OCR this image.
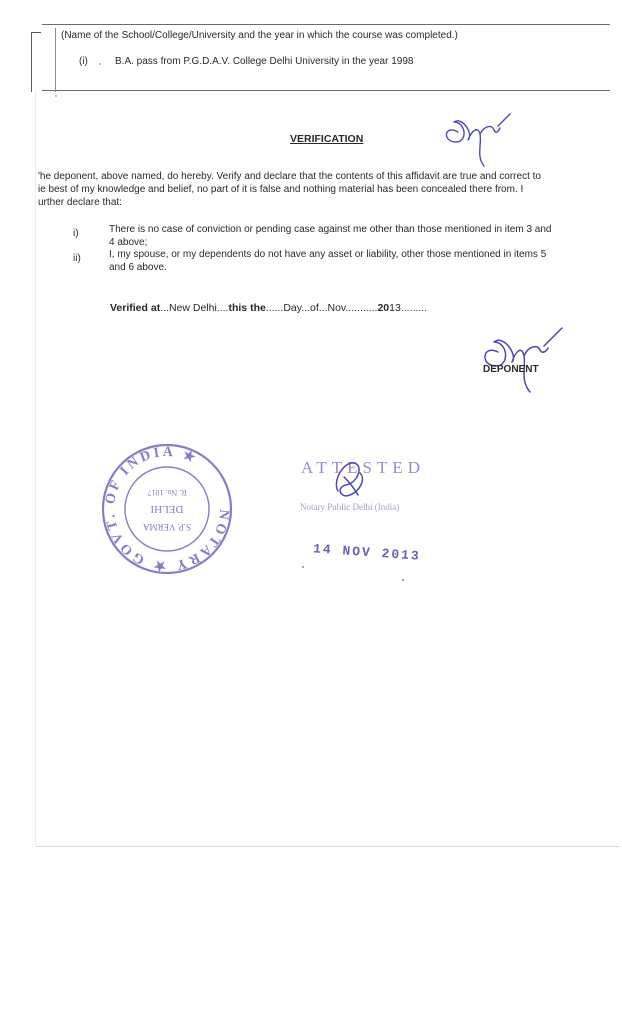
(Name of the School/College/University and the year in which the course was completed.)
(i)	B.A. pass from P.G.D.A.V. College Delhi University in the year 1998
VERIFICATION
'he deponent, above named, do hereby. Verify and declare that the contents of this affidavit are true and correct to
ie best of my knowledge and belief, no part of it is false and nothing material has been concealed there from. I
urther declare that:
i)	There is no case of conviction or pending case against me other than those mentioned in item 3 and
4 above;
ii)	I, my spouse, or my dependents do not have any asset or liability, other those mentioned in items 5
and 6 above.
Verified at...New Delhi....this the......Day...of...Nov...........2013.........
DEPONENT
NOTARY ★ GOVT. OF INDIA ★
S.P. VERMA
DELHI
R. No. 1017
ATTESTED
Notary Public Delhi (India)
14 NOV 2013
